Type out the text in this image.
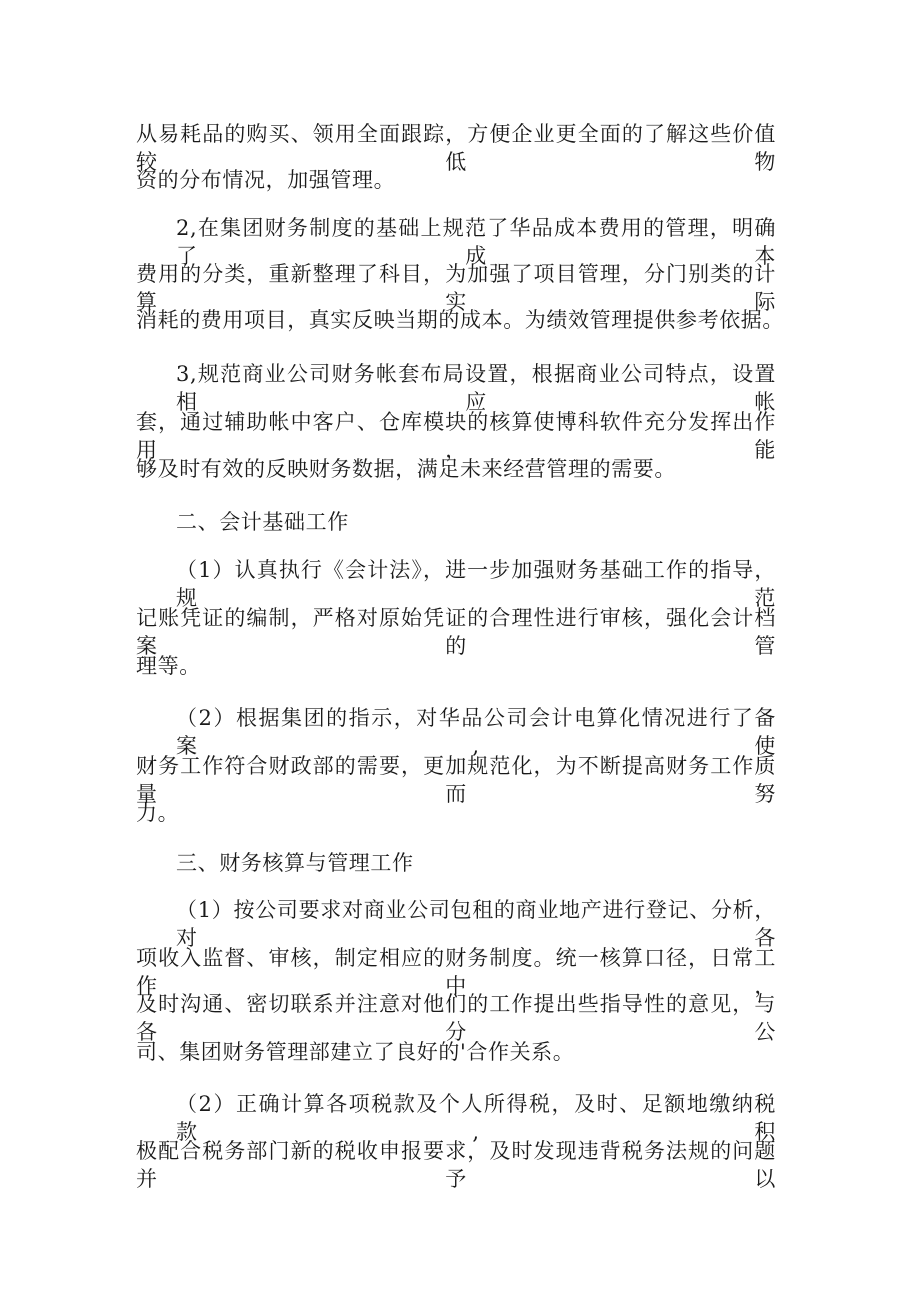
从易耗品的购买、领用全面跟踪，方便企业更全面的了解这些价值较低物
资的分布情况，加强管理。
2,在集团财务制度的基础上规范了华品成本费用的管理，明确了成本
费用的分类，重新整理了科目，为加强了项目管理，分门别类的计算实际
消耗的费用项目，真实反映当期的成本。为绩效管理提供参考依据。
3,规范商业公司财务帐套布局设置，根据商业公司特点，设置相应帐
套，通过辅助帐中客户、仓库模块的核算使博科软件充分发挥出作用，能
够及时有效的反映财务数据，满足未来经营管理的需要。
二、会计基础工作
（1）认真执行《会计法》，进一步加强财务基础工作的指导，规范
记账凭证的编制，严格对原始凭证的合理性进行审核，强化会计档案的管
理等。
（2）根据集团的指示，对华品公司会计电算化情况进行了备案,使
财务工作符合财政部的需要，更加规范化，为不断提高财务工作质量而努
力。
三、财务核算与管理工作
（1）按公司要求对商业公司包租的商业地产进行登记、分析，对各
项收入监督、审核，制定相应的财务制度。统一核算口径，日常工作中，
及时沟通、密切联系并注意对他们的工作提出些指导性的意见，与各分公
司、集团财务管理部建立了良好的'合作关系。
（2）正确计算各项税款及个人所得税，及时、足额地缴纳税款,积
极配合税务部门新的税收申报要求，及时发现违背税务法规的问题并予以
